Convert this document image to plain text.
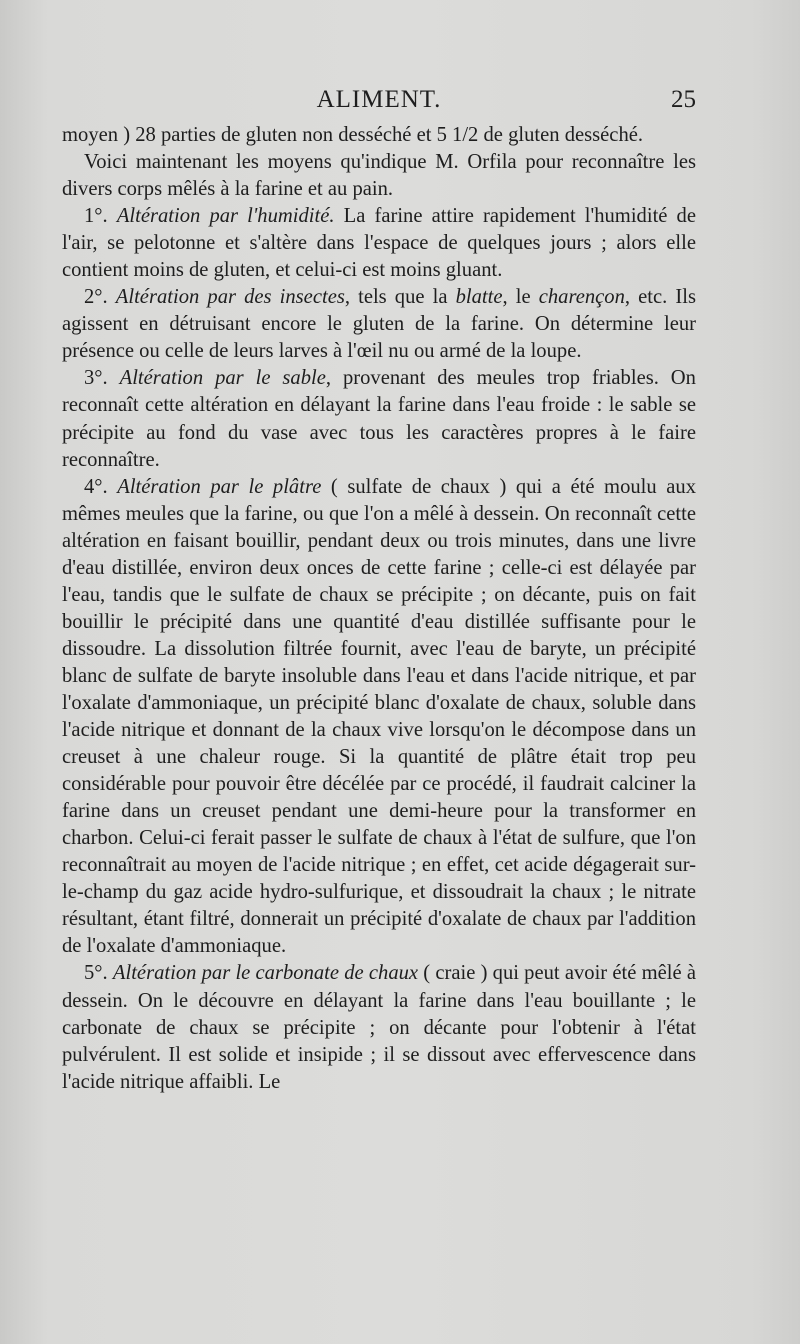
ALIMENT.	25

moyen ) 28 parties de gluten non desséché et 5 1/2 de gluten desséché.

Voici maintenant les moyens qu'indique M. Orfila pour reconnaître les divers corps mêlés à la farine et au pain.

1°. Altération par l'humidité. La farine attire rapidement l'humidité de l'air, se pelotonne et s'altère dans l'espace de quelques jours ; alors elle contient moins de gluten, et celui-ci est moins gluant.

2°. Altération par des insectes, tels que la blatte, le charençon, etc. Ils agissent en détruisant encore le gluten de la farine. On détermine leur présence ou celle de leurs larves à l'œil nu ou armé de la loupe.

3°. Altération par le sable, provenant des meules trop friables. On reconnaît cette altération en délayant la farine dans l'eau froide : le sable se précipite au fond du vase avec tous les caractères propres à le faire reconnaître.

4°. Altération par le plâtre ( sulfate de chaux ) qui a été moulu aux mêmes meules que la farine, ou que l'on a mêlé à dessein. On reconnaît cette altération en faisant bouillir, pendant deux ou trois minutes, dans une livre d'eau distillée, environ deux onces de cette farine ; celle-ci est délayée par l'eau, tandis que le sulfate de chaux se précipite ; on décante, puis on fait bouillir le précipité dans une quantité d'eau distillée suffisante pour le dissoudre. La dissolution filtrée fournit, avec l'eau de baryte, un précipité blanc de sulfate de baryte insoluble dans l'eau et dans l'acide nitrique, et par l'oxalate d'ammoniaque, un précipité blanc d'oxalate de chaux, soluble dans l'acide nitrique et donnant de la chaux vive lorsqu'on le décompose dans un creuset à une chaleur rouge. Si la quantité de plâtre était trop peu considérable pour pouvoir être décélée par ce procédé, il faudrait calciner la farine dans un creuset pendant une demi-heure pour la transformer en charbon. Celui-ci ferait passer le sulfate de chaux à l'état de sulfure, que l'on reconnaîtrait au moyen de l'acide nitrique ; en effet, cet acide dégagerait sur-le-champ du gaz acide hydro-sulfurique, et dissoudrait la chaux ; le nitrate résultant, étant filtré, donnerait un précipité d'oxalate de chaux par l'addition de l'oxalate d'ammoniaque.

5°. Altération par le carbonate de chaux ( craie ) qui peut avoir été mêlé à dessein. On le découvre en délayant la farine dans l'eau bouillante ; le carbonate de chaux se précipite ; on décante pour l'obtenir à l'état pulvérulent. Il est solide et insipide ; il se dissout avec effervescence dans l'acide nitrique affaibli. Le
